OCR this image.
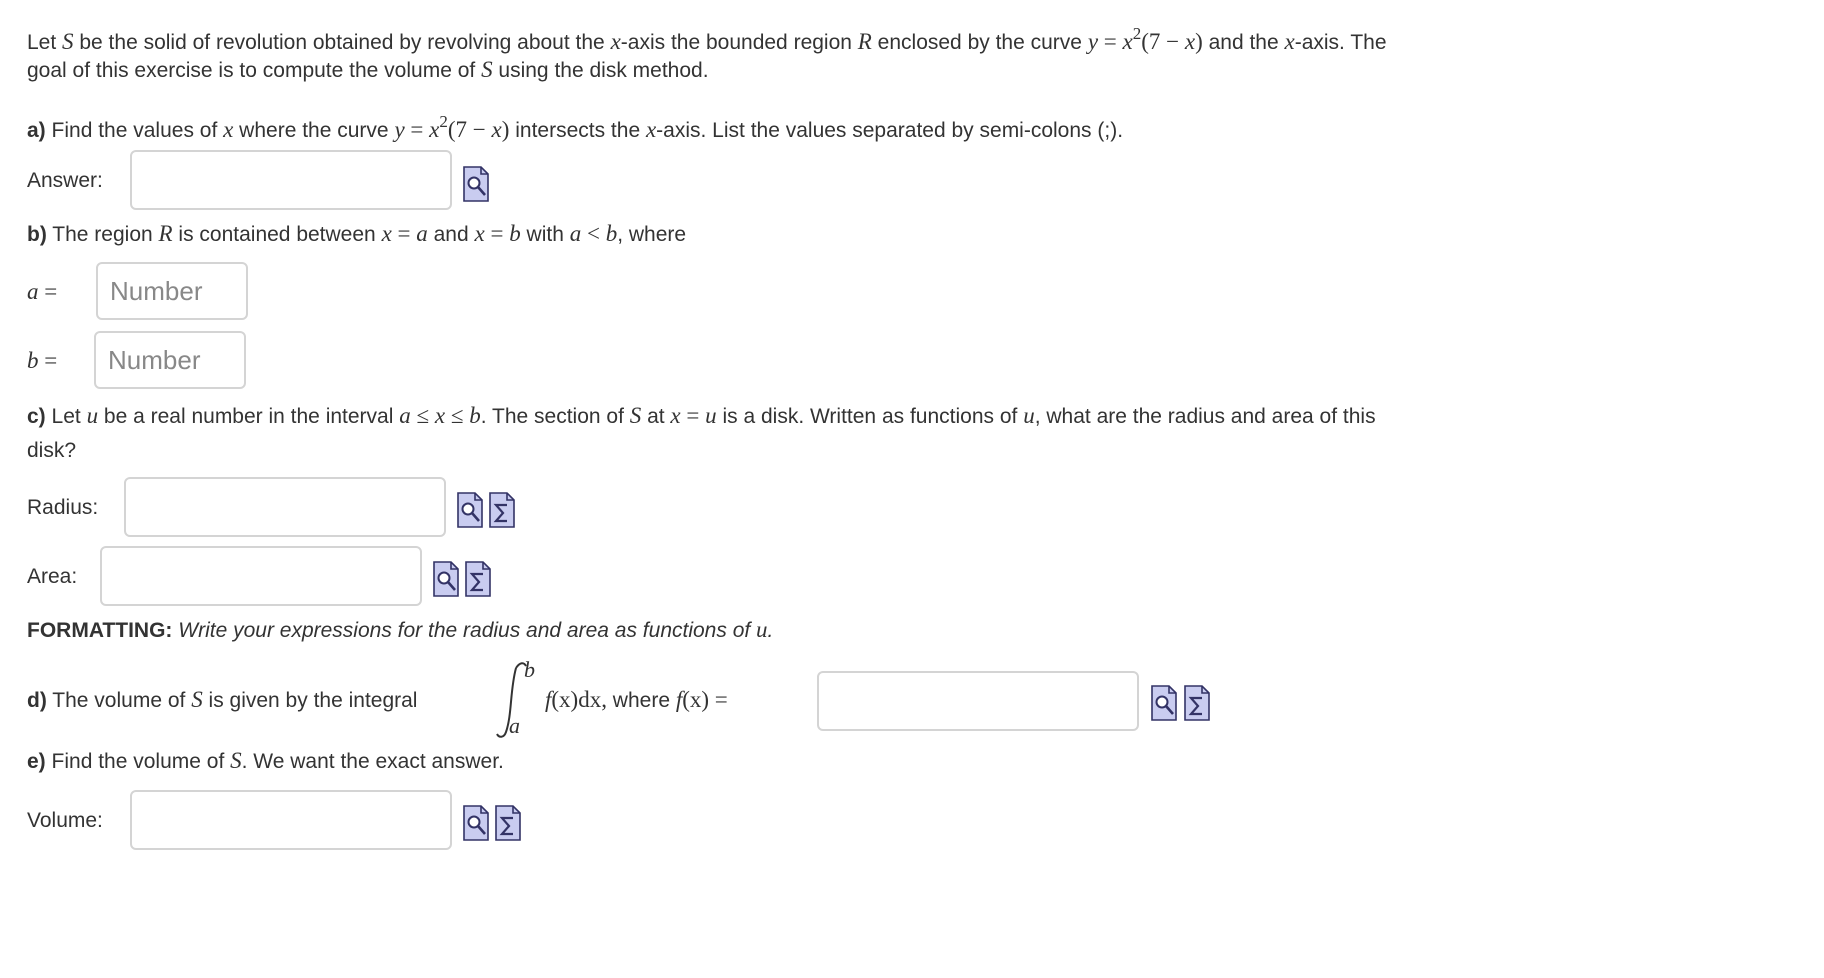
Let S be the solid of revolution obtained by revolving about the x-axis the bounded region R enclosed by the curve $y = x^2(7 - x)$ and the x-axis. The
goal of this exercise is to compute the volume of S using the disk method.
a) Find the values of x where the curve $y = x^2(7 - x)$ intersects the x-axis. List the values separated by semi-colons (;).
Answer:
b) The region R is contained between x = a and x = b with a < b, where
a =
Number
b =
Number
c) Let u be a real number in the interval a ≤ x ≤ b. The section of S at x = u is a disk. Written as functions of u, what are the radius and area of this
disk?
Radius:
Area:
FORMATTING: Write your expressions for the radius and area as functions of u.
d) The volume of S is given by the integral
b
a
f(x)dx, where f(x) =
e) Find the volume of S. We want the exact answer.
Volume:
